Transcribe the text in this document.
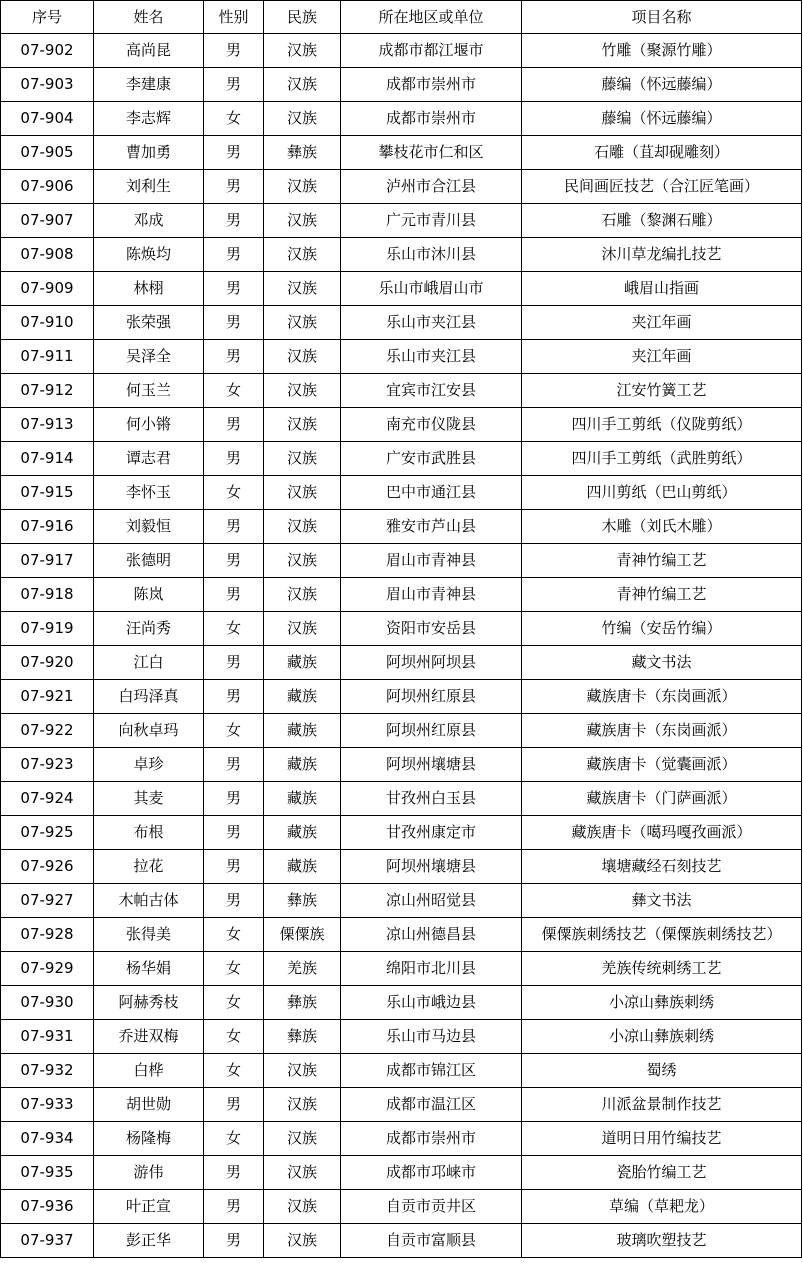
序号	姓名	性别	民族	所在地区或单位	项目名称
07-902	高尚昆	男	汉族	成都市都江堰市	竹雕（聚源竹雕）
07-903	李建康	男	汉族	成都市崇州市	藤编（怀远藤编）
07-904	李志辉	女	汉族	成都市崇州市	藤编（怀远藤编）
07-905	曹加勇	男	彝族	攀枝花市仁和区	石雕（苴却砚雕刻）
07-906	刘利生	男	汉族	泸州市合江县	民间画匠技艺（合江匠笔画）
07-907	邓成	男	汉族	广元市青川县	石雕（黎渊石雕）
07-908	陈焕均	男	汉族	乐山市沐川县	沐川草龙编扎技艺
07-909	林栩	男	汉族	乐山市峨眉山市	峨眉山指画
07-910	张荣强	男	汉族	乐山市夹江县	夹江年画
07-911	吴泽全	男	汉族	乐山市夹江县	夹江年画
07-912	何玉兰	女	汉族	宜宾市江安县	江安竹簧工艺
07-913	何小锵	男	汉族	南充市仪陇县	四川手工剪纸（仪陇剪纸）
07-914	谭志君	男	汉族	广安市武胜县	四川手工剪纸（武胜剪纸）
07-915	李怀玉	女	汉族	巴中市通江县	四川剪纸（巴山剪纸）
07-916	刘毅恒	男	汉族	雅安市芦山县	木雕（刘氏木雕）
07-917	张德明	男	汉族	眉山市青神县	青神竹编工艺
07-918	陈岚	男	汉族	眉山市青神县	青神竹编工艺
07-919	汪尚秀	女	汉族	资阳市安岳县	竹编（安岳竹编）
07-920	江白	男	藏族	阿坝州阿坝县	藏文书法
07-921	白玛泽真	男	藏族	阿坝州红原县	藏族唐卡（东岗画派）
07-922	向秋卓玛	女	藏族	阿坝州红原县	藏族唐卡（东岗画派）
07-923	卓珍	男	藏族	阿坝州壤塘县	藏族唐卡（觉囊画派）
07-924	其麦	男	藏族	甘孜州白玉县	藏族唐卡（门萨画派）
07-925	布根	男	藏族	甘孜州康定市	藏族唐卡（噶玛嘎孜画派）
07-926	拉花	男	藏族	阿坝州壤塘县	壤塘藏经石刻技艺
07-927	木帕古体	男	彝族	凉山州昭觉县	彝文书法
07-928	张得美	女	傈僳族	凉山州德昌县	傈僳族刺绣技艺（傈僳族刺绣技艺）
07-929	杨华娟	女	羌族	绵阳市北川县	羌族传统刺绣工艺
07-930	阿赫秀枝	女	彝族	乐山市峨边县	小凉山彝族刺绣
07-931	乔进双梅	女	彝族	乐山市马边县	小凉山彝族刺绣
07-932	白桦	女	汉族	成都市锦江区	蜀绣
07-933	胡世勋	男	汉族	成都市温江区	川派盆景制作技艺
07-934	杨隆梅	女	汉族	成都市崇州市	道明日用竹编技艺
07-935	游伟	男	汉族	成都市邛崃市	瓷胎竹编工艺
07-936	叶正宣	男	汉族	自贡市贡井区	草编（草耙龙）
07-937	彭正华	男	汉族	自贡市富顺县	玻璃吹塑技艺
